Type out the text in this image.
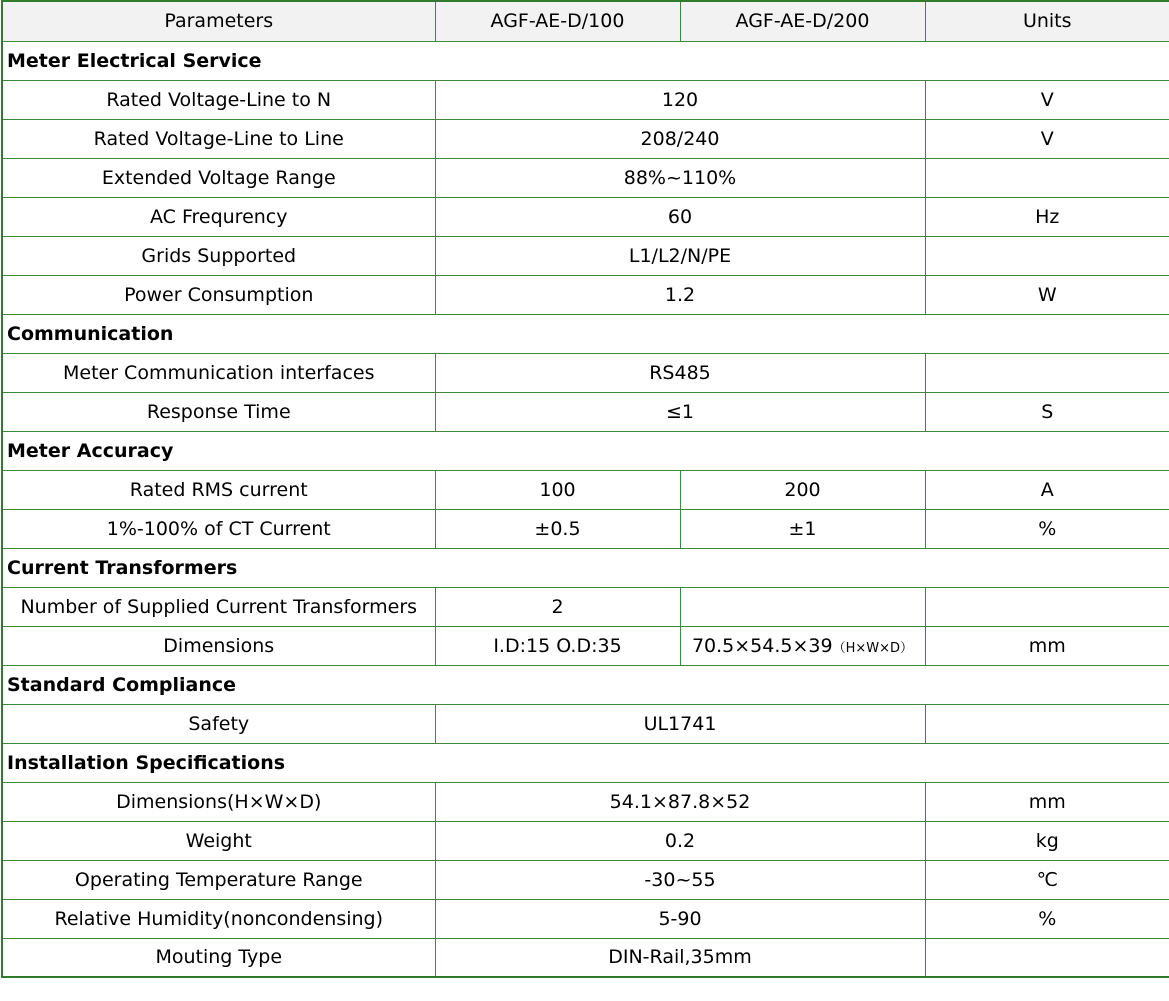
Parameters	AGF-AE-D/100	AGF-AE-D/200	Units
Meter Electrical Service			
Rated Voltage-Line to N	120		V
Rated Voltage-Line to Line	208/240		V
Extended Voltage Range	88%~110%		
AC Frequrency	60		Hz
Grids Supported	L1/L2/N/PE		
Power Consumption	1.2		W
Communication			
Meter Communication interfaces	RS485		
Response Time	≤1		S
Meter Accuracy			
Rated RMS current	100	200	A
1%-100% of CT Current	±0.5	±1	%
Current Transformers			
Number of Supplied Current Transformers	2		
Dimensions	I.D:15 O.D:35	70.5×54.5×39（H×W×D）	mm
Standard Compliance			
Safety	UL1741		
Installation Specifications			
Dimensions(H×W×D)	54.1×87.8×52		mm
Weight	0.2		kg
Operating Temperature Range	-30~55		℃
Relative Humidity(noncondensing)	5-90		%
Mouting Type	DIN-Rail,35mm		
